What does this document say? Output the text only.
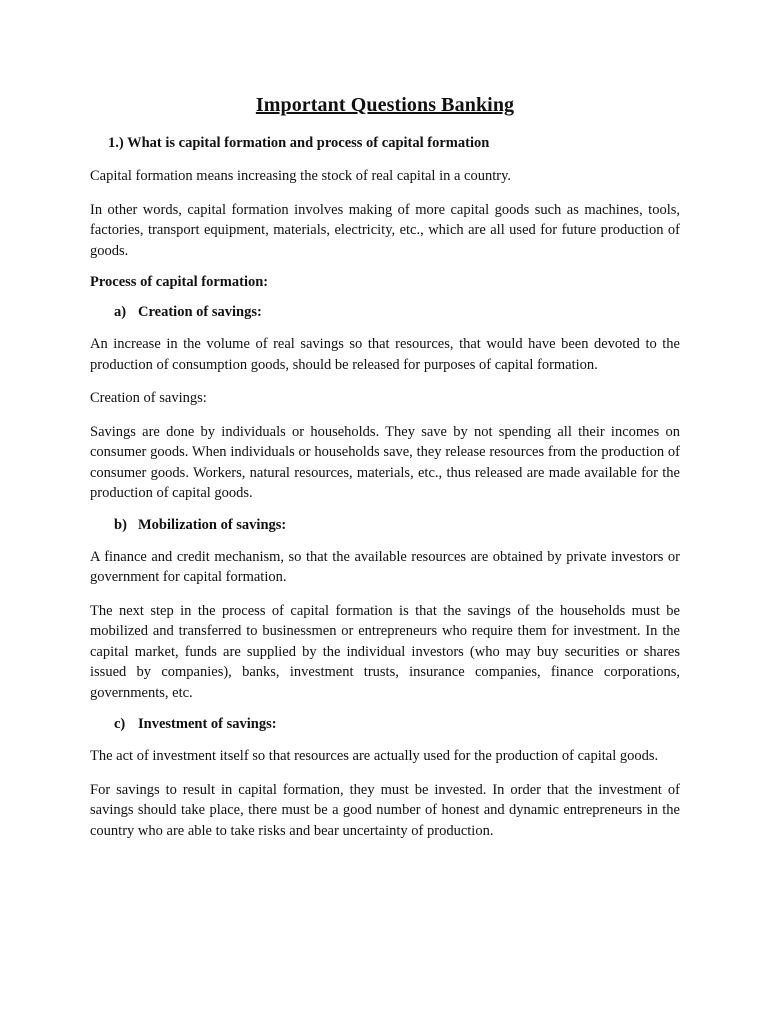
Important Questions Banking
1.) What is capital formation and process of capital formation

Capital formation means increasing the stock of real capital in a country.

In other words, capital formation involves making of more capital goods such as machines, tools, factories, transport equipment, materials, electricity, etc., which are all used for future production of goods.

Process of capital formation:
a) Creation of savings:

An increase in the volume of real savings so that resources, that would have been devoted to the production of consumption goods, should be released for purposes of capital formation.

Creation of savings:

Savings are done by individuals or households. They save by not spending all their incomes on consumer goods. When individuals or households save, they release resources from the production of consumer goods. Workers, natural resources, materials, etc., thus released are made available for the production of capital goods.

b) Mobilization of savings:

A finance and credit mechanism, so that the available resources are obtained by private investors or government for capital formation.

The next step in the process of capital formation is that the savings of the households must be mobilized and transferred to businessmen or entrepreneurs who require them for investment. In the capital market, funds are supplied by the individual investors (who may buy securities or shares issued by companies), banks, investment trusts, insurance companies, finance corporations, governments, etc.

c) Investment of savings:

The act of investment itself so that resources are actually used for the production of capital goods.

For savings to result in capital formation, they must be invested. In order that the investment of savings should take place, there must be a good number of honest and dynamic entrepreneurs in the country who are able to take risks and bear uncertainty of production.
